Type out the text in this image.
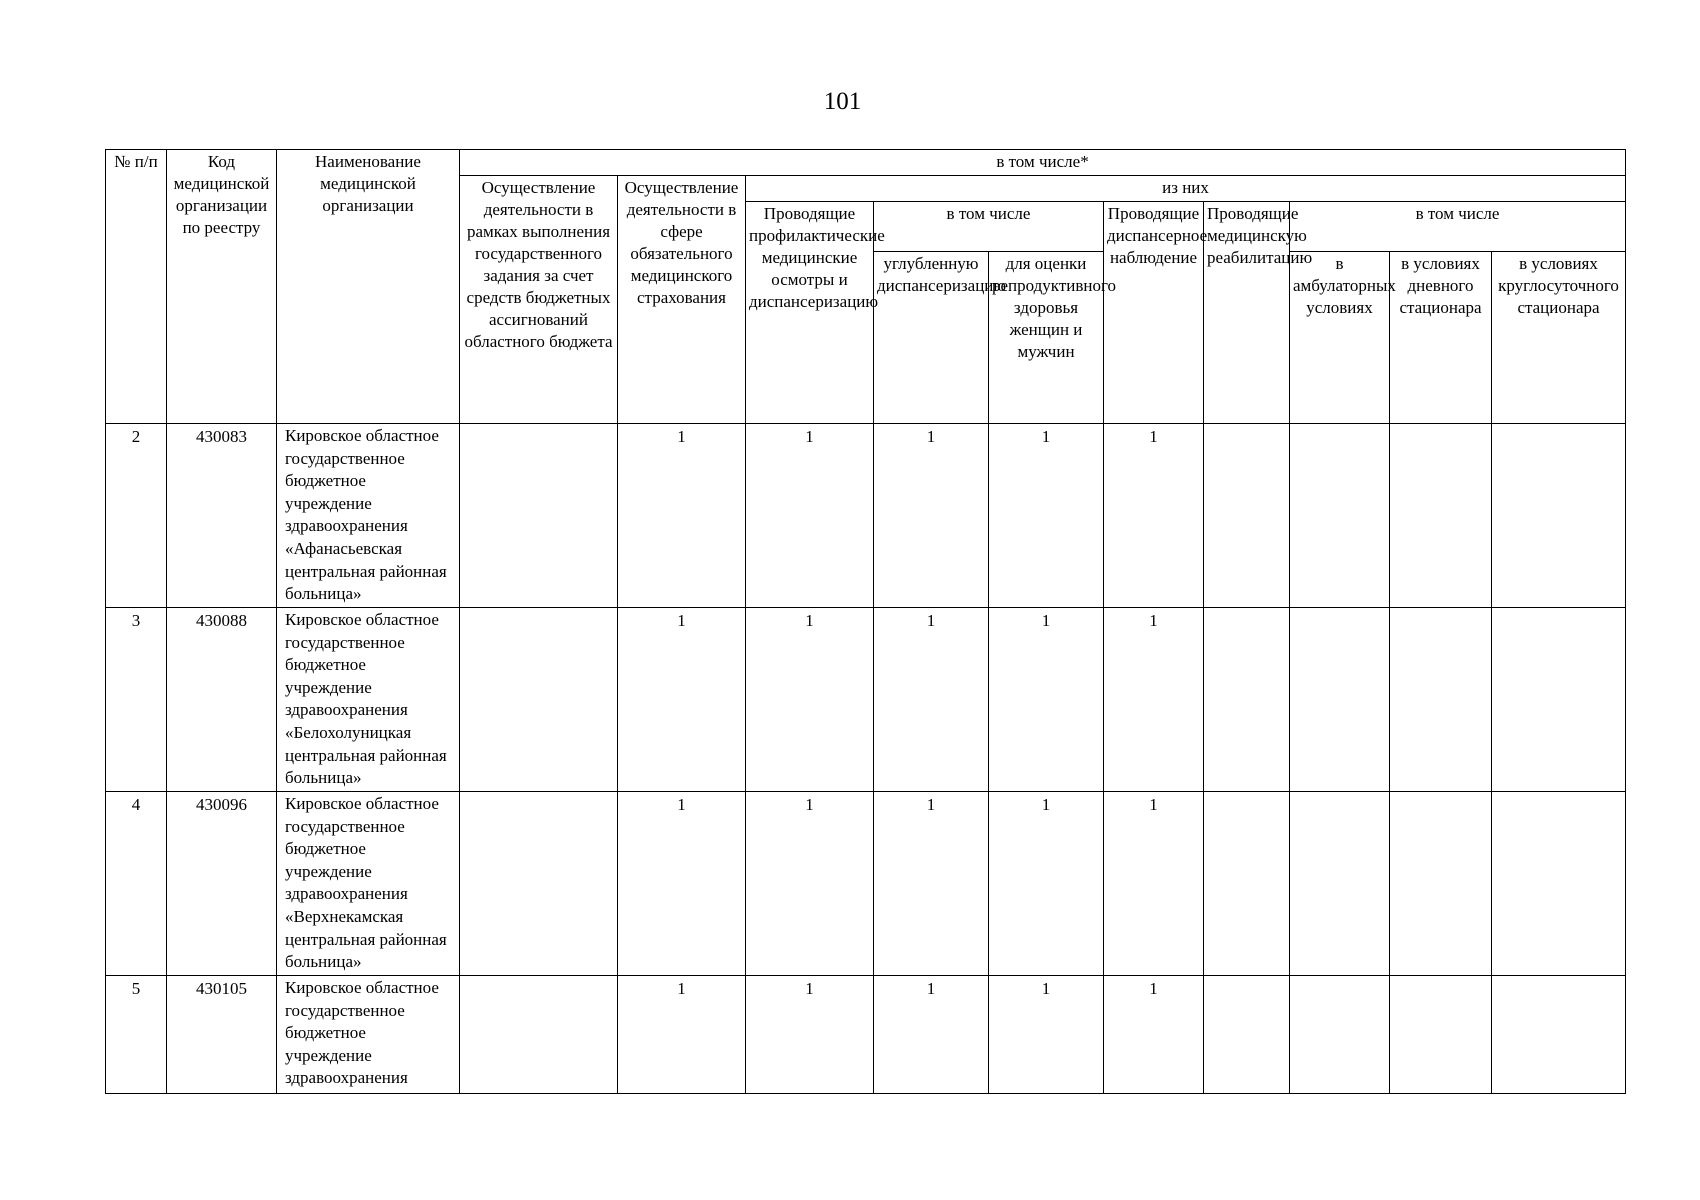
101
№ п/п	Код медицинской организации по реестру	Наименование медицинской организации	в том числе*									
			Осуществление деятельности в рамках выполнения государственного задания за счет средств бюджетных ассигнований областного бюджета	Осуществление деятельности в сфере обязательного медицинского страхования	из них							
					Проводящие профилактические медицинские осмотры и диспансеризацию	в том числе		Проводящие диспансерное наблюдение	Проводящие медицинскую реабилитацию	в том числе		
						углубленную диспансеризацию	для оценки репродуктивного здоровья женщин и мужчин			в амбулаторных условиях	в условиях дневного стационара	в условиях круглосуточного стационара
2	430083	Кировское областное государственное бюджетное учреждение здравоохранения «Афанасьевская центральная районная больница»		1	1	1	1	1				
3	430088	Кировское областное государственное бюджетное учреждение здравоохранения «Белохолуницкая центральная районная больница»		1	1	1	1	1				
4	430096	Кировское областное государственное бюджетное учреждение здравоохранения «Верхнекамская центральная районная больница»		1	1	1	1	1				
5	430105	Кировское областное государственное бюджетное учреждение здравоохранения		1	1	1	1	1				
